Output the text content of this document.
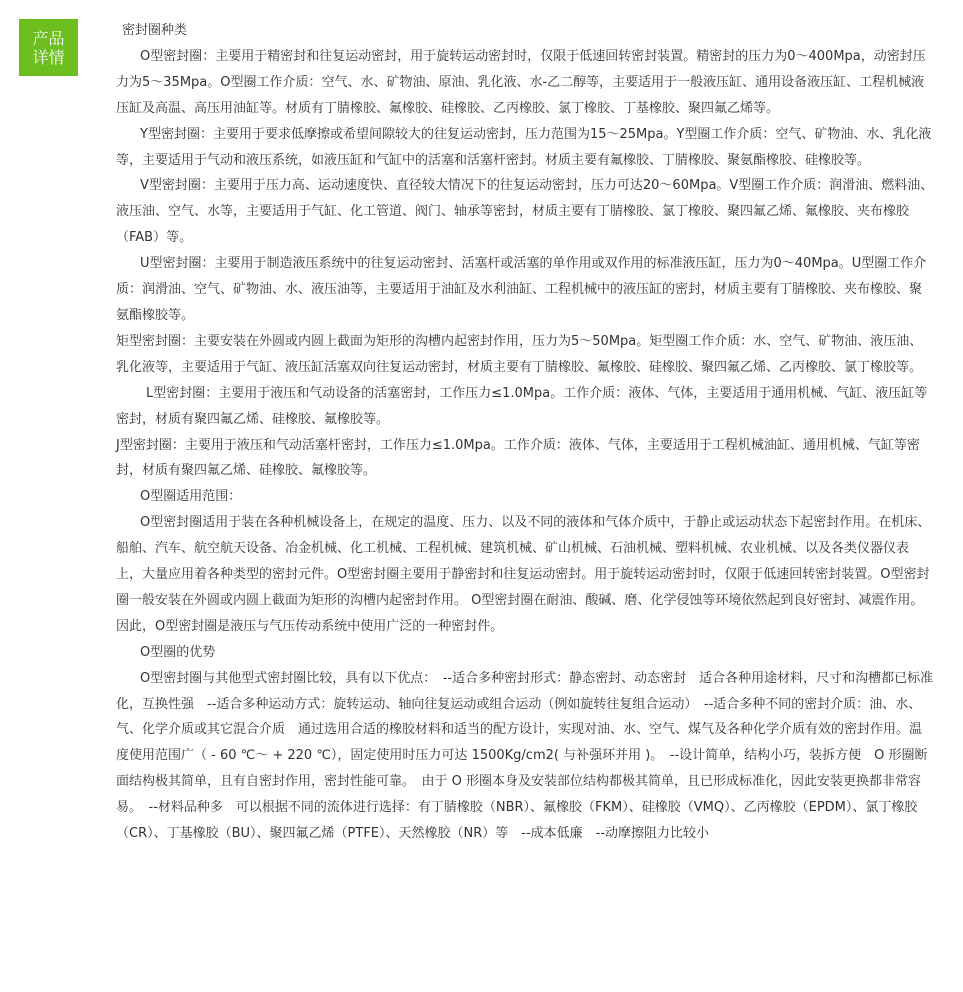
产品
详情

密封圈种类

O型密封圈：主要用于精密封和往复运动密封，用于旋转运动密封时，仅限于低速回转密封装置。精密封的压力为0～400Mpa，动密封压力为5～35Mpa。O型圈工作介质：空气、水、矿物油、原油、乳化液、水-乙二醇等，主要适用于一般液压缸、通用设备液压缸、工程机械液压缸及高温、高压用油缸等。材质有丁腈橡胶、氟橡胶、硅橡胶、乙丙橡胶、氯丁橡胶、丁基橡胶、聚四氟乙烯等。

Y型密封圈：主要用于要求低摩擦或希望间隙较大的往复运动密封，压力范围为15～25Mpa。Y型圈工作介质：空气、矿物油、水、乳化液等，主要适用于气动和液压系统，如液压缸和气缸中的活塞和活塞杆密封。材质主要有氟橡胶、丁腈橡胶、聚氨酯橡胶、硅橡胶等。

V型密封圈：主要用于压力高、运动速度快、直径较大情况下的往复运动密封，压力可达20～60Mpa。V型圈工作介质：润滑油、燃料油、液压油、空气、水等，主要适用于气缸、化工管道、阀门、轴承等密封，材质主要有丁腈橡胶、氯丁橡胶、聚四氟乙烯、氟橡胶、夹布橡胶（FAB）等。

U型密封圈：主要用于制造液压系统中的往复运动密封、活塞杆或活塞的单作用或双作用的标准液压缸，压力为0～40Mpa。U型圈工作介质：润滑油、空气、矿物油、水、液压油等，主要适用于油缸及水利油缸、工程机械中的液压缸的密封，材质主要有丁腈橡胶、夹布橡胶、聚氨酯橡胶等。

矩型密封圈：主要安装在外圆或内圆上截面为矩形的沟槽内起密封作用，压力为5～50Mpa。矩型圈工作介质：水、空气、矿物油、液压油、乳化液等，主要适用于气缸、液压缸活塞双向往复运动密封，材质主要有丁腈橡胶、氟橡胶、硅橡胶、聚四氟乙烯、乙丙橡胶、氯丁橡胶等。

L型密封圈：主要用于液压和气动设备的活塞密封，工作压力≤1.0Mpa。工作介质：液体、气体，主要适用于通用机械、气缸、液压缸等密封，材质有聚四氟乙烯、硅橡胶、氟橡胶等。

J型密封圈：主要用于液压和气动活塞杆密封，工作压力≤1.0Mpa。工作介质：液体、气体，主要适用于工程机械油缸、通用机械、气缸等密封，材质有聚四氟乙烯、硅橡胶、氟橡胶等。

O型圈适用范围：

O型密封圈适用于装在各种机械设备上，在规定的温度、压力、以及不同的液体和气体介质中，于静止或运动状态下起密封作用。在机床、船舶、汽车、航空航天设备、冶金机械、化工机械、工程机械、建筑机械、矿山机械、石油机械、塑料机械、农业机械、以及各类仪器仪表上，大量应用着各种类型的密封元件。O型密封圈主要用于静密封和往复运动密封。用于旋转运动密封时，仅限于低速回转密封装置。O型密封圈一般安装在外圆或内圆上截面为矩形的沟槽内起密封作用。 O型密封圈在耐油、酸碱、磨、化学侵蚀等环境依然起到良好密封、减震作用。因此，O型密封圈是液压与气压传动系统中使用广泛的一种密封件。

O型圈的优势

O型密封圈与其他型式密封圈比较，具有以下优点：　--适合多种密封形式：静态密封、动态密封　适合各种用途材料，尺寸和沟槽都已标准化，互换性强　--适合多种运动方式：旋转运动、轴向往复运动或组合运动（例如旋转往复组合运动）　--适合多种不同的密封介质：油、水、气、化学介质或其它混合介质　通过选用合适的橡胶材料和适当的配方设计，实现对油、水、空气、煤气及各种化学介质有效的密封作用。温度使用范围广（ - 60 ℃～ + 220 ℃），固定使用时压力可达 1500Kg/cm2( 与补强环并用 )。　--设计简单，结构小巧，装拆方便　O 形圈断面结构极其简单，且有自密封作用，密封性能可靠。　由于 O 形圈本身及安装部位结构都极其简单，且已形成标准化，因此安装更换都非常容易。　--材料品种多　可以根据不同的流体进行选择：有丁腈橡胶（NBR）、氟橡胶（FKM）、硅橡胶（VMQ）、乙丙橡胶（EPDM）、氯丁橡胶（CR）、丁基橡胶（BU）、聚四氟乙烯（PTFE）、天然橡胶（NR）等　--成本低廉　--动摩擦阻力比较小
